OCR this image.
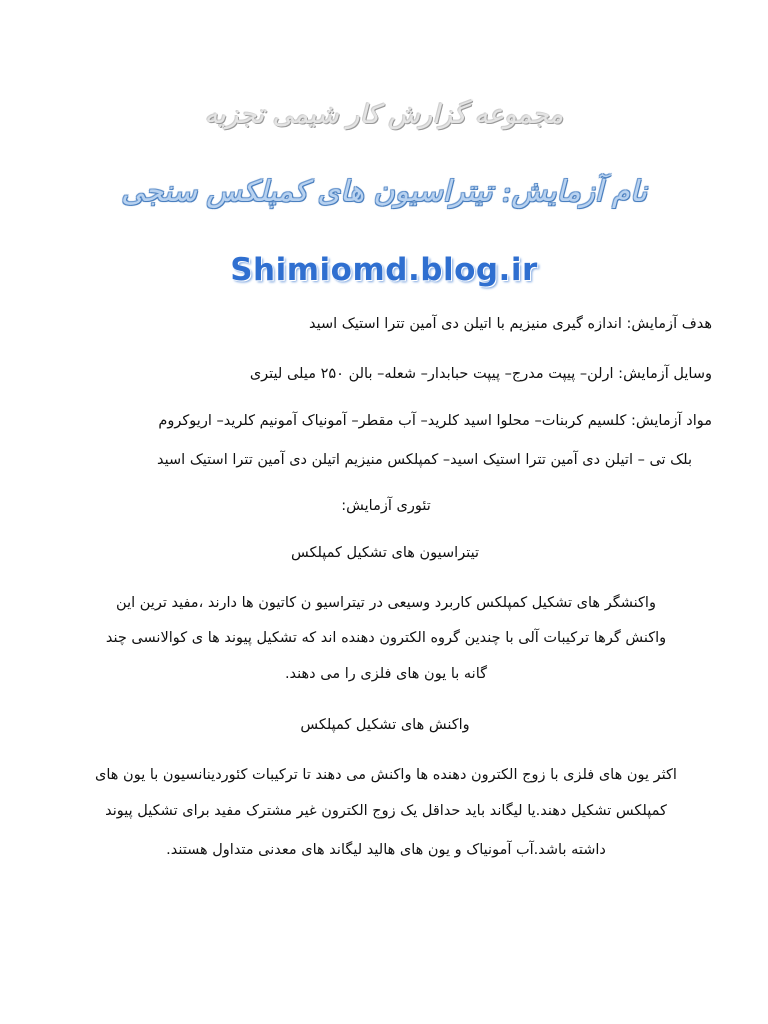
مجموعه گزارش کار شیمی تجزیه
نام آزمایش: تیتراسیون های کمپلکس سنجی
Shimiomd.blog.ir
هدف آزمایش: اندازه گیری منیزیم با اتیلن دی آمین تترا استیک اسید
وسایل آزمایش: ارلن– پیپت مدرج– پیپت حبابدار– شعله– بالن ۲۵۰ میلی لیتری
مواد آزمایش: کلسیم کربنات– محلوا اسید کلرید– آب مقطر– آمونیاک آمونیم کلرید– اریوکروم
بلک تی – اتیلن دی آمین تترا استیک اسید– کمپلکس منیزیم اتیلن دی آمین تترا استیک اسید
تئوری آزمایش:
تیتراسیون های تشکیل کمپلکس
واکنشگر های تشکیل کمپلکس کاربرد وسیعی در تیتراسیو ن کاتیون ها دارند ،مفید ترین این
واکنش گرها ترکیبات آلی با چندین گروه الکترون دهنده اند که تشکیل پیوند ها ی کوالانسی چند
گانه با یون های فلزی را می دهند.
واکنش های تشکیل کمپلکس
اکثر یون های فلزی با زوج الکترون دهنده ها واکنش می دهند تا ترکیبات کئوردینانسیون با یون های
کمپلکس تشکیل دهند.یا لیگاند باید حداقل یک زوج الکترون غیر مشترک مفید برای تشکیل پیوند
داشته باشد.آب آمونیاک و یون های هالید لیگاند های معدنی متداول هستند.
